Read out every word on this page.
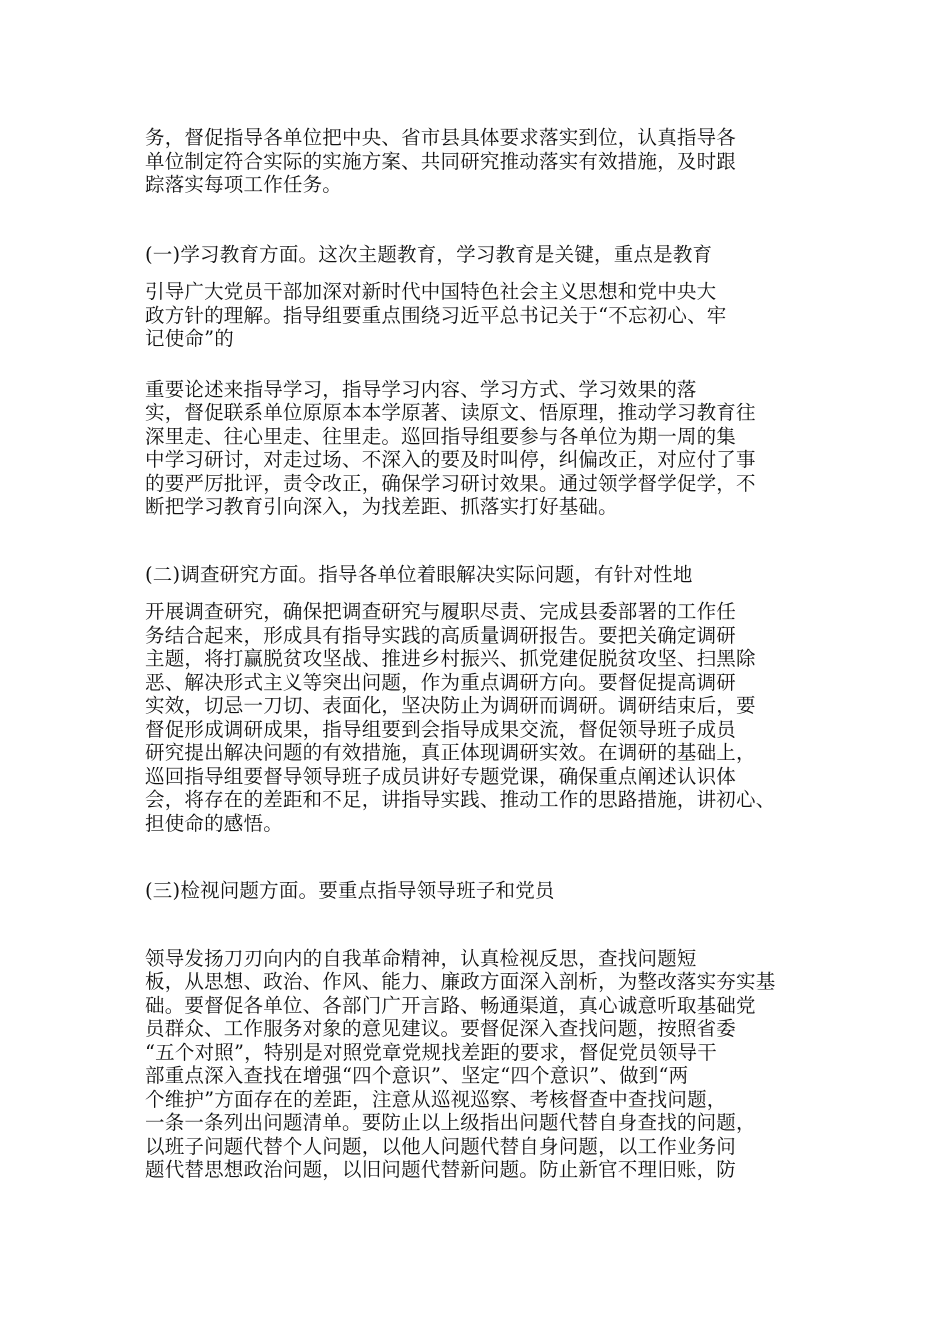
务，督促指导各单位把中央、省市县具体要求落实到位，认真指导各
单位制定符合实际的实施方案、共同研究推动落实有效措施，及时跟
踪落实每项工作任务。

(一)学习教育方面。这次主题教育，学习教育是关键，重点是教育

引导广大党员干部加深对新时代中国特色社会主义思想和党中央大
政方针的理解。指导组要重点围绕习近平总书记关于“不忘初心、牢
记使命”的

重要论述来指导学习，指导学习内容、学习方式、学习效果的落
实，督促联系单位原原本本学原著、读原文、悟原理，推动学习教育往
深里走、往心里走、往里走。巡回指导组要参与各单位为期一周的集
中学习研讨，对走过场、不深入的要及时叫停，纠偏改正，对应付了事
的要严厉批评，责令改正，确保学习研讨效果。通过领学督学促学，不
断把学习教育引向深入，为找差距、抓落实打好基础。

(二)调查研究方面。指导各单位着眼解决实际问题，有针对性地

开展调查研究，确保把调查研究与履职尽责、完成县委部署的工作任
务结合起来，形成具有指导实践的高质量调研报告。要把关确定调研
主题，将打赢脱贫攻坚战、推进乡村振兴、抓党建促脱贫攻坚、扫黑除
恶、解决形式主义等突出问题，作为重点调研方向。要督促提高调研
实效，切忌一刀切、表面化，坚决防止为调研而调研。调研结束后，要
督促形成调研成果，指导组要到会指导成果交流，督促领导班子成员
研究提出解决问题的有效措施，真正体现调研实效。在调研的基础上，
巡回指导组要督导领导班子成员讲好专题党课，确保重点阐述认识体
会，将存在的差距和不足，讲指导实践、推动工作的思路措施，讲初心、
担使命的感悟。

(三)检视问题方面。要重点指导领导班子和党员

领导发扬刀刃向内的自我革命精神，认真检视反思，查找问题短
板，从思想、政治、作风、能力、廉政方面深入剖析，为整改落实夯实基
础。要督促各单位、各部门广开言路、畅通渠道，真心诚意听取基础党
员群众、工作服务对象的意见建议。要督促深入查找问题，按照省委
“五个对照”，特别是对照党章党规找差距的要求，督促党员领导干
部重点深入查找在增强“四个意识”、坚定“四个意识”、做到“两
个维护”方面存在的差距，注意从巡视巡察、考核督查中查找问题，
一条一条列出问题清单。要防止以上级指出问题代替自身查找的问题，
以班子问题代替个人问题，以他人问题代替自身问题，以工作业务问
题代替思想政治问题，以旧问题代替新问题。防止新官不理旧账，防
